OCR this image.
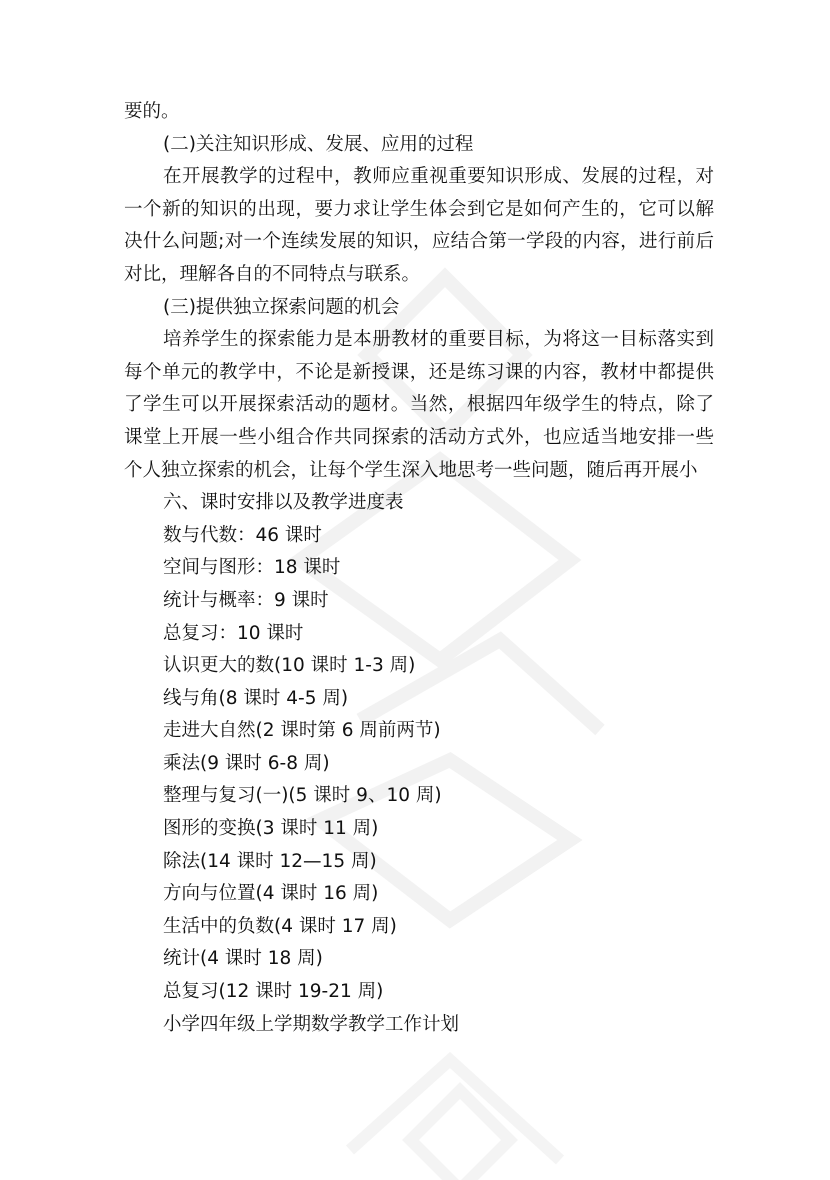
要的。
(二)关注知识形成、发展、应用的过程

在开展教学的过程中，教师应重视重要知识形成、发展的过程，对一个新的知识的出现，要力求让学生体会到它是如何产生的，它可以解决什么问题;对一个连续发展的知识，应结合第一学段的内容，进行前后对比，理解各自的不同特点与联系。

(三)提供独立探索问题的机会

培养学生的探索能力是本册教材的重要目标，为将这一目标落实到每个单元的教学中，不论是新授课，还是练习课的内容，教材中都提供了学生可以开展探索活动的题材。当然，根据四年级学生的特点，除了课堂上开展一些小组合作共同探索的活动方式外，也应适当地安排一些个人独立探索的机会，让每个学生深入地思考一些问题，随后再开展小

六、课时安排以及教学进度表
数与代数：46 课时
空间与图形：18 课时
统计与概率：9 课时
总复习：10 课时
认识更大的数(10 课时 1-3 周)
线与角(8 课时 4-5 周)
走进大自然(2 课时第 6 周前两节)
乘法(9 课时 6-8 周)
整理与复习(一)(5 课时 9、10 周)
图形的变换(3 课时 11 周)
除法(14 课时 12—15 周)
方向与位置(4 课时 16 周)
生活中的负数(4 课时 17 周)
统计(4 课时 18 周)
总复习(12 课时 19-21 周)
小学四年级上学期数学教学工作计划
